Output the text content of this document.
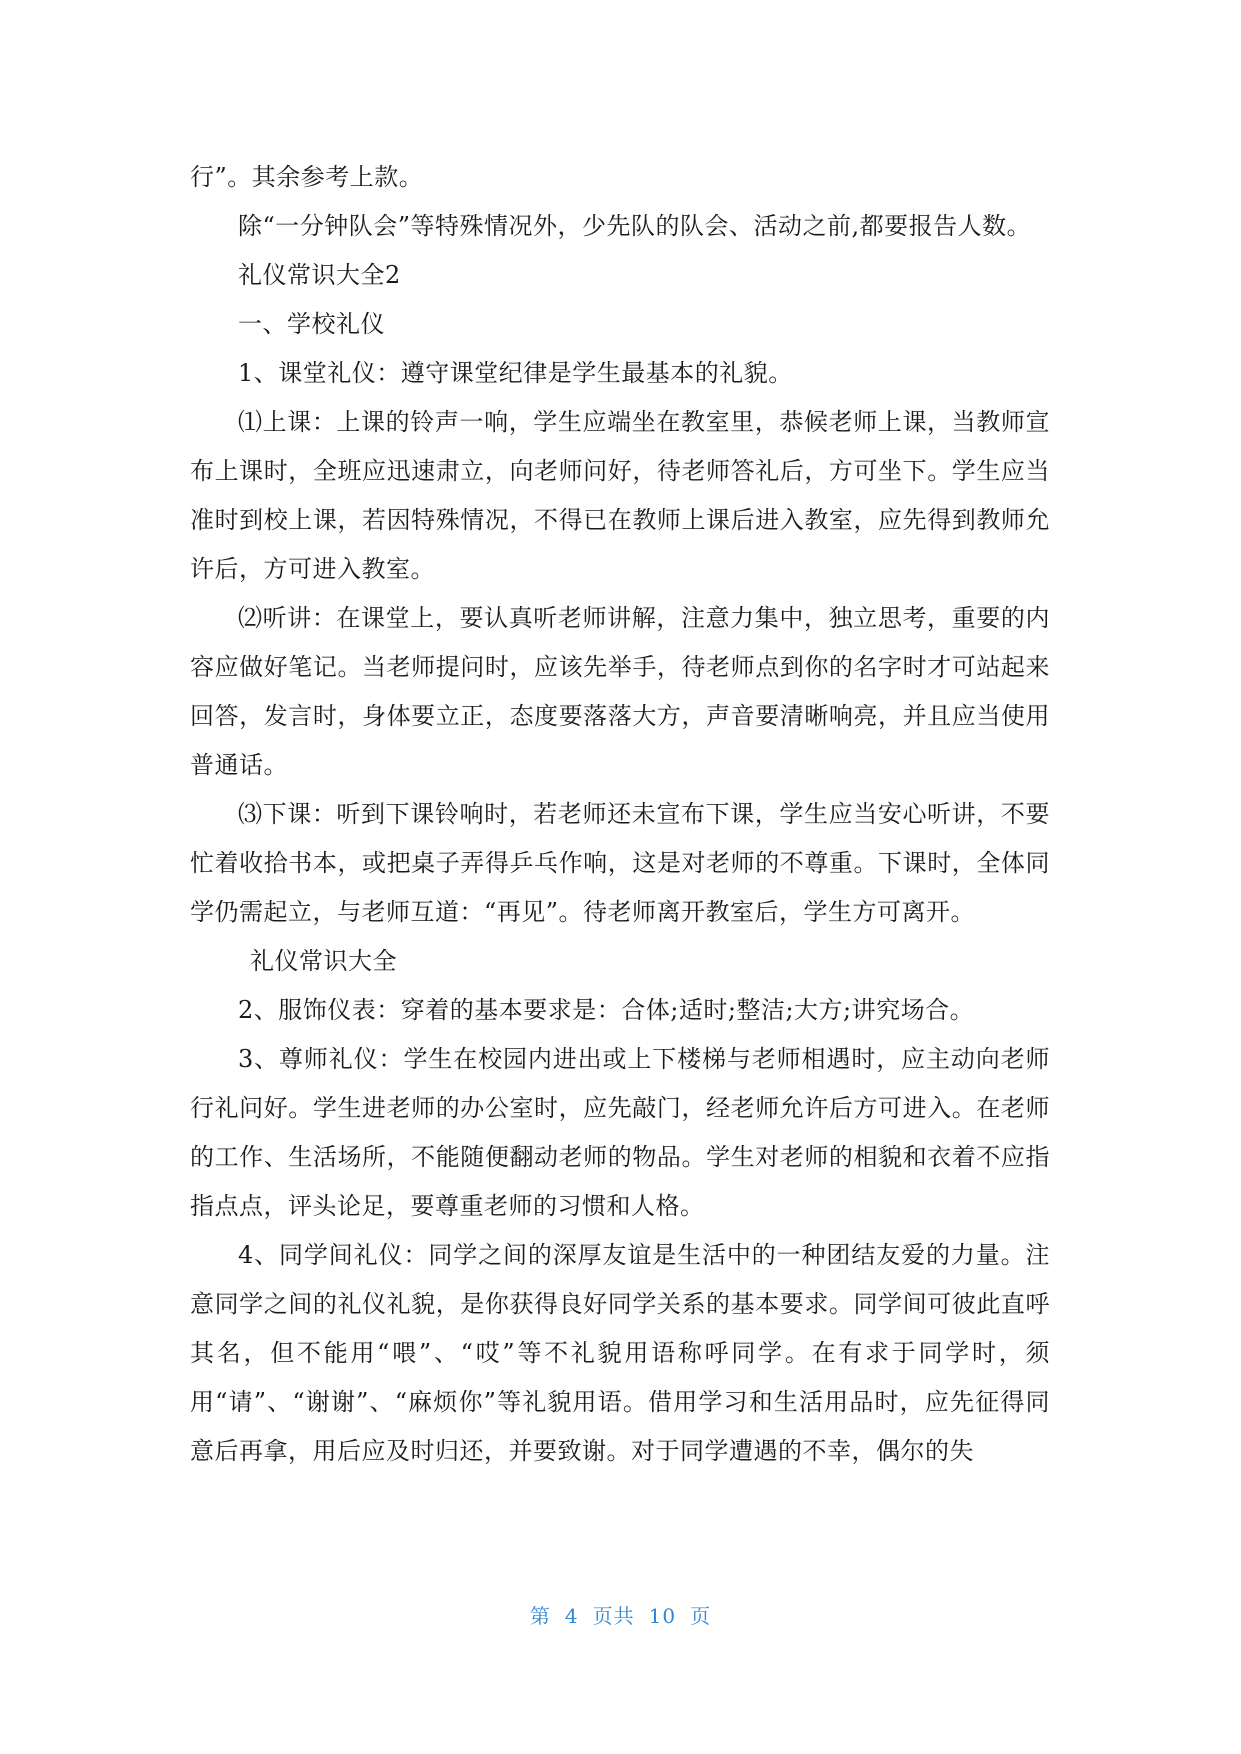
行”。其余参考上款。

除“一分钟队会”等特殊情况外，少先队的队会、活动之前,都要报告人数。

礼仪常识大全2

一、学校礼仪

1、课堂礼仪：遵守课堂纪律是学生最基本的礼貌。

⑴上课：上课的铃声一响，学生应端坐在教室里，恭候老师上课，当教师宣布上课时，全班应迅速肃立，向老师问好，待老师答礼后，方可坐下。学生应当准时到校上课，若因特殊情况，不得已在教师上课后进入教室，应先得到教师允许后，方可进入教室。

⑵听讲：在课堂上，要认真听老师讲解，注意力集中，独立思考，重要的内容应做好笔记。当老师提问时，应该先举手，待老师点到你的名字时才可站起来回答，发言时，身体要立正，态度要落落大方，声音要清晰响亮，并且应当使用普通话。

⑶下课：听到下课铃响时，若老师还未宣布下课，学生应当安心听讲，不要忙着收拾书本，或把桌子弄得乒乓作响，这是对老师的不尊重。下课时，全体同学仍需起立，与老师互道：“再见”。待老师离开教室后，学生方可离开。

礼仪常识大全

2、服饰仪表：穿着的基本要求是：合体;适时;整洁;大方;讲究场合。

3、尊师礼仪：学生在校园内进出或上下楼梯与老师相遇时，应主动向老师行礼问好。学生进老师的办公室时，应先敲门，经老师允许后方可进入。在老师的工作、生活场所，不能随便翻动老师的物品。学生对老师的相貌和衣着不应指指点点，评头论足，要尊重老师的习惯和人格。

4、同学间礼仪：同学之间的深厚友谊是生活中的一种团结友爱的力量。注意同学之间的礼仪礼貌，是你获得良好同学关系的基本要求。同学间可彼此直呼其名，但不能用“喂”、“哎”等不礼貌用语称呼同学。在有求于同学时，须用“请”、“谢谢”、“麻烦你”等礼貌用语。借用学习和生活用品时，应先征得同意后再拿，用后应及时归还，并要致谢。对于同学遭遇的不幸，偶尔的失

第 4 页共 10 页
